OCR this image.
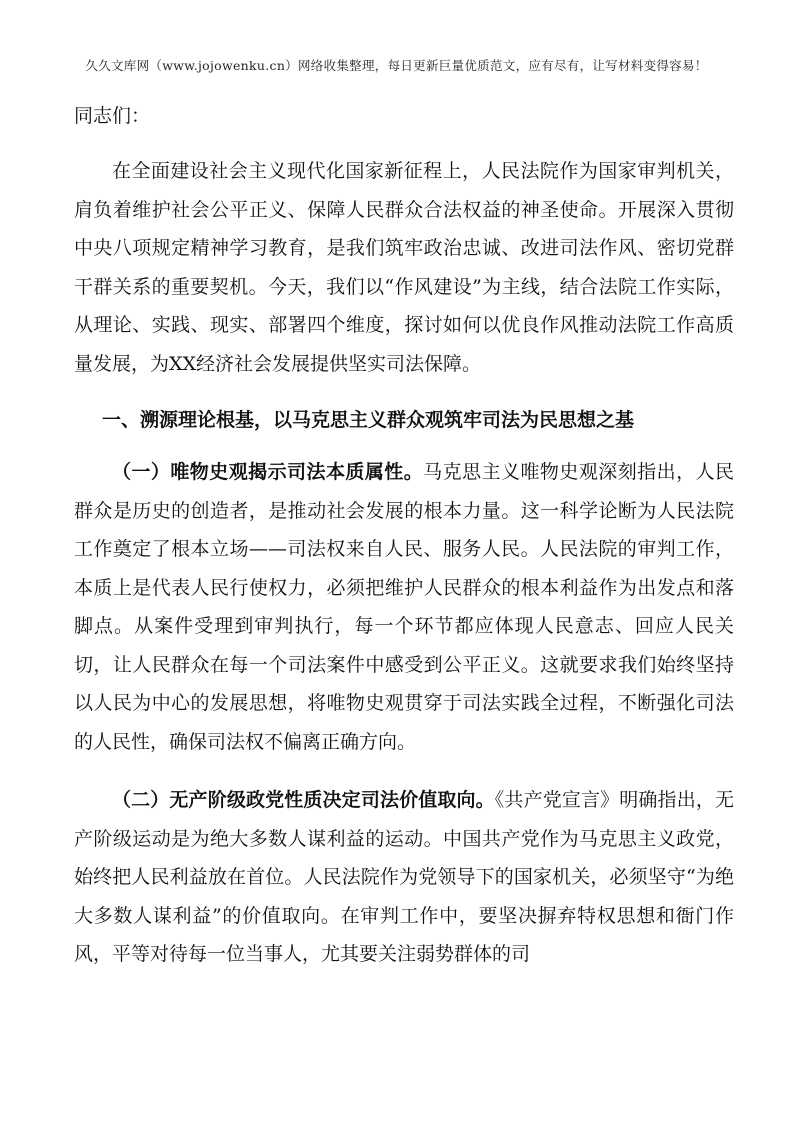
久久文库网（www.jojowenku.cn）网络收集整理，每日更新巨量优质范文，应有尽有，让写材料变得容易！

同志们：

在全面建设社会主义现代化国家新征程上，人民法院作为国家审判机关，肩负着维护社会公平正义、保障人民群众合法权益的神圣使命。开展深入贯彻中央八项规定精神学习教育，是我们筑牢政治忠诚、改进司法作风、密切党群干群关系的重要契机。今天，我们以“作风建设”为主线，结合法院工作实际，从理论、实践、现实、部署四个维度，探讨如何以优良作风推动法院工作高质量发展，为XX经济社会发展提供坚实司法保障。

一、溯源理论根基，以马克思主义群众观筑牢司法为民思想之基

（一）唯物史观揭示司法本质属性。马克思主义唯物史观深刻指出，人民群众是历史的创造者，是推动社会发展的根本力量。这一科学论断为人民法院工作奠定了根本立场——司法权来自人民、服务人民。人民法院的审判工作，本质上是代表人民行使权力，必须把维护人民群众的根本利益作为出发点和落脚点。从案件受理到审判执行，每一个环节都应体现人民意志、回应人民关切，让人民群众在每一个司法案件中感受到公平正义。这就要求我们始终坚持以人民为中心的发展思想，将唯物史观贯穿于司法实践全过程，不断强化司法的人民性，确保司法权不偏离正确方向。

（二）无产阶级政党性质决定司法价值取向。《共产党宣言》明确指出，无产阶级运动是为绝大多数人谋利益的运动。中国共产党作为马克思主义政党，始终把人民利益放在首位。人民法院作为党领导下的国家机关，必须坚守“为绝大多数人谋利益”的价值取向。在审判工作中，要坚决摒弃特权思想和衙门作风，平等对待每一位当事人，尤其要关注弱势群体的司
